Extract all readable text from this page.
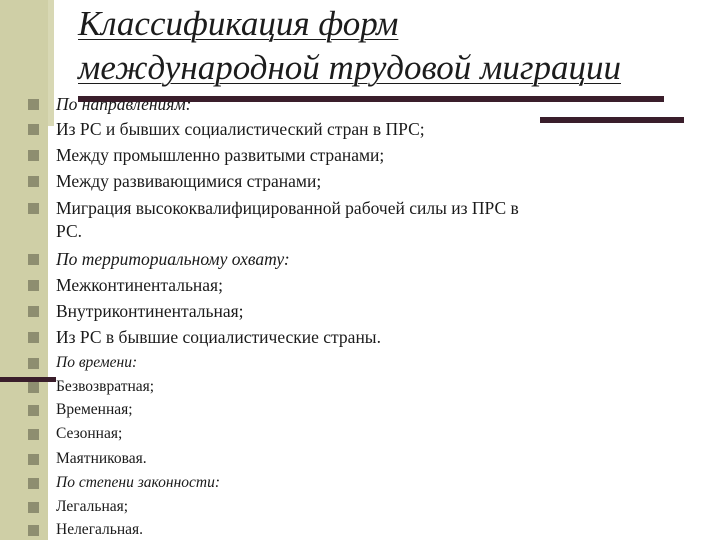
Классификация форм
международной трудовой миграции
По направлениям:
Из РС и бывших социалистический стран в ПРС;
Между промышленно развитыми странами;
Между развивающимися странами;
Миграция высококвалифицированной рабочей силы из ПРС в
РС.
По территориальному охвату:
Межконтинентальная;
Внутриконтинентальная;
Из РС в бывшие социалистические страны.
По времени:
Безвозвратная;
Временная;
Сезонная;
Маятниковая.
По степени законности:
Легальная;
Нелегальная.
